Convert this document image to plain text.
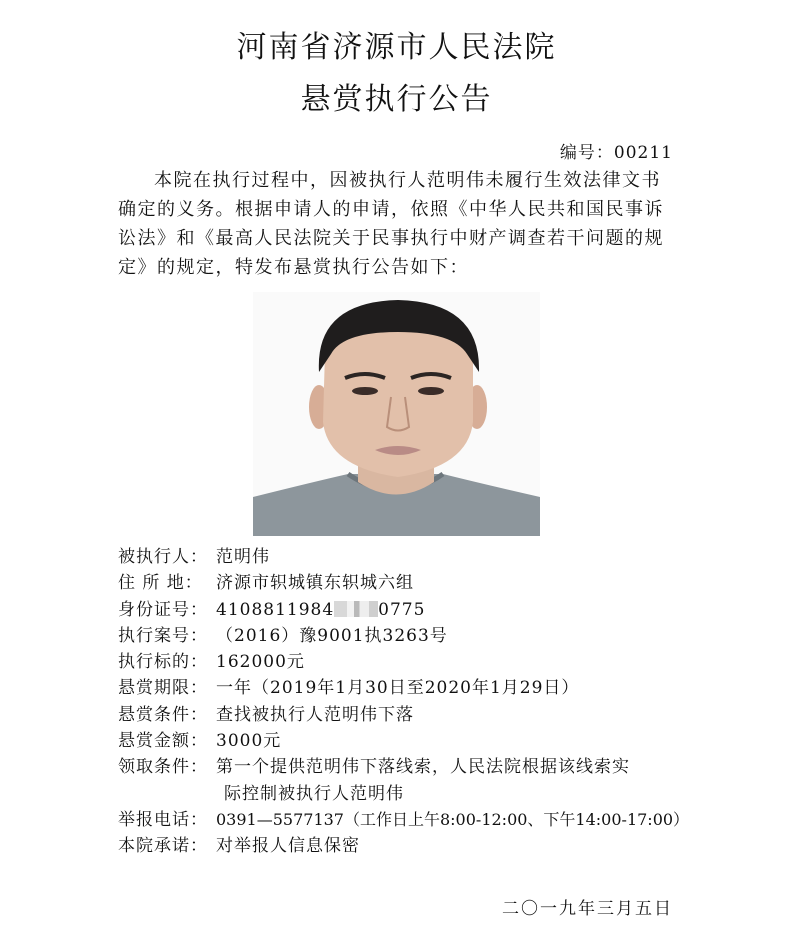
河南省济源市人民法院
悬赏执行公告
编号：00211
本院在执行过程中，因被执行人范明伟未履行生效法律文书确定的义务。根据申请人的申请，依照《中华人民共和国民事诉讼法》和《最高人民法院关于民事执行中财产调查若干问题的规定》的规定，特发布悬赏执行公告如下：
被执行人： 范明伟
住 所 地： 济源市轵城镇东轵城六组
身份证号： 4108811984	0775
执行案号： （2016）豫9001执3263号
执行标的： 162000元
悬赏期限： 一年（2019年1月30日至2020年1月29日）
悬赏条件： 查找被执行人范明伟下落
悬赏金额： 3000元
领取条件： 第一个提供范明伟下落线索，人民法院根据该线索实
际控制被执行人范明伟
举报电话： 0391—5577137（工作日上午8:00-12:00、下午14:00-17:00）
本院承诺： 对举报人信息保密
二〇一九年三月五日
